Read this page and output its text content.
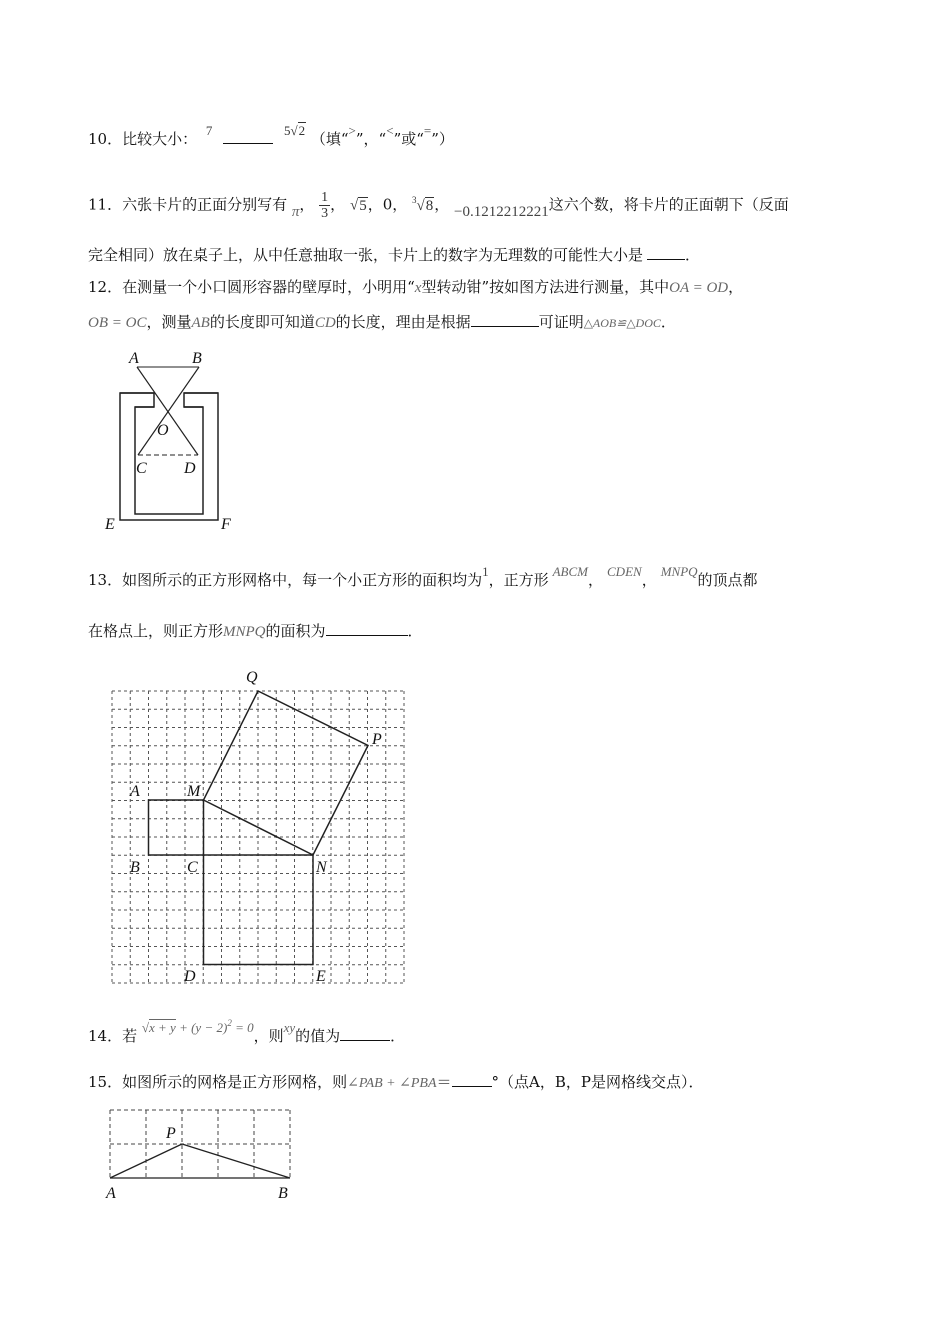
10．比较大小： 7	5√2 （填“>”，“<”或“=”）
11．六张卡片的正面分别写有 π， $\frac{1}{3}$ ， √5，0， $^3$√8， −0.1212212221这六个数，将卡片的正面朝下（反面
完全相同）放在桌子上，从中任意抽取一张，卡片上的数字为无理数的可能性大小是	．
12．在测量一个小口圆形容器的壁厚时，小明用“x型转动钳”按如图方法进行测量，其中OA = OD，
OB = OC，测量AB的长度即可知道CD的长度，理由是根据	可证明△AOB≌△DOC．
A	B
O
C D
E	F
13．如图所示的正方形网格中，每一个小正方形的面积均为1，正方形 ABCM， CDEN， MNPQ的顶点都
在格点上，则正方形MNPQ的面积为	．
Q
P
A	M
B	C	N
D	E
14．若 $√x + y + (y - 2)^2 = 0$，则xy的值为	．
15．如图所示的网格是正方形网格，则∠PAB + ∠PBA＝	°（点A，B，P是网格线交点）．
P
A	B
